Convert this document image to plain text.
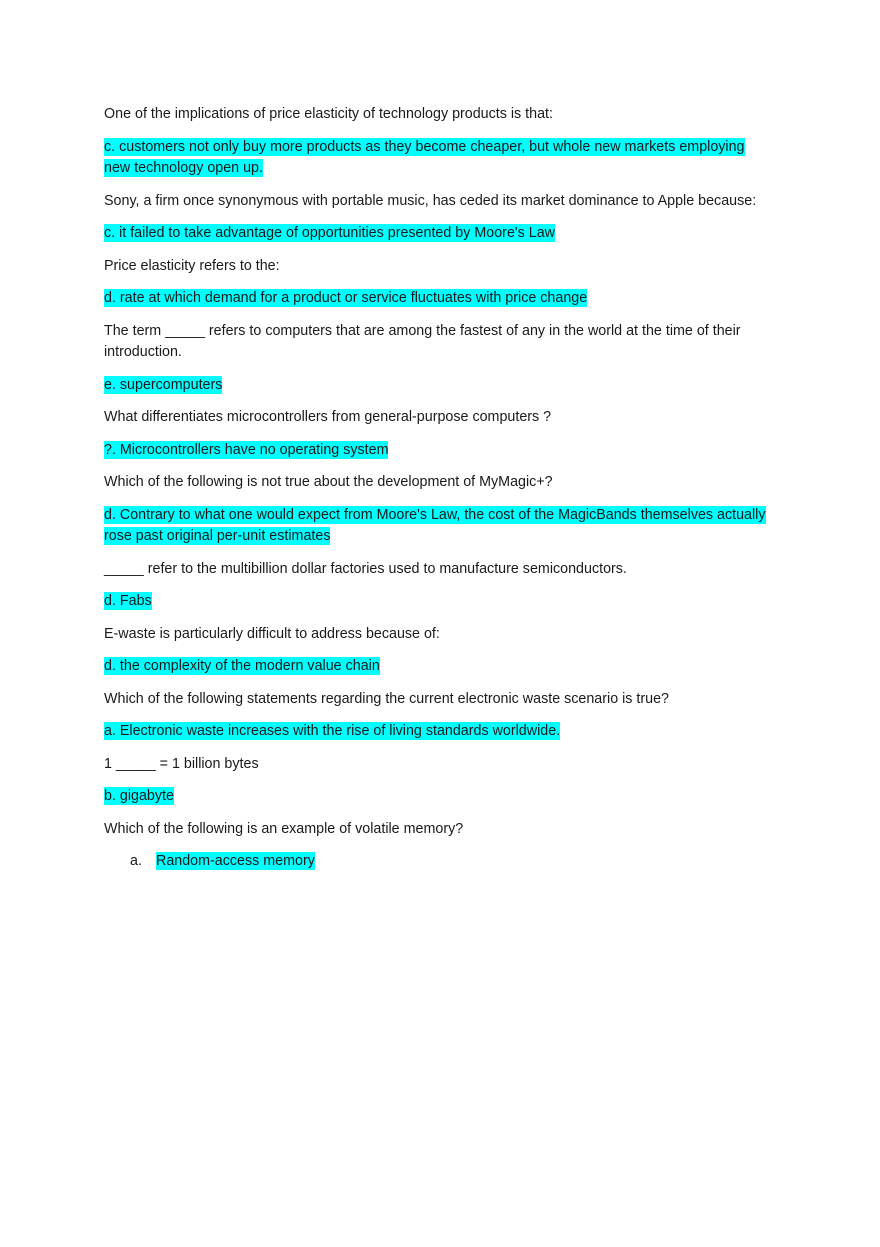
One of the implications of price elasticity of technology products is that:

c. customers not only buy more products as they become cheaper, but whole new markets employing new technology open up.

Sony, a firm once synonymous with portable music, has ceded its market dominance to Apple because:

c. it failed to take advantage of opportunities presented by Moore's Law

Price elasticity refers to the:

d. rate at which demand for a product or service fluctuates with price change

The term _____ refers to computers that are among the fastest of any in the world at the time of their introduction.

e. supercomputers

What differentiates microcontrollers from general-purpose computers ?

?. Microcontrollers have no operating system

Which of the following is not true about the development of MyMagic+?

d. Contrary to what one would expect from Moore's Law, the cost of the MagicBands themselves actually rose past original per-unit estimates

_____ refer to the multibillion dollar factories used to manufacture semiconductors.

d. Fabs

E-waste is particularly difficult to address because of:

d. the complexity of the modern value chain

Which of the following statements regarding the current electronic waste scenario is true?

a. Electronic waste increases with the rise of living standards worldwide.

1 _____ = 1 billion bytes

b. gigabyte

Which of the following is an example of volatile memory?

a. Random-access memory
